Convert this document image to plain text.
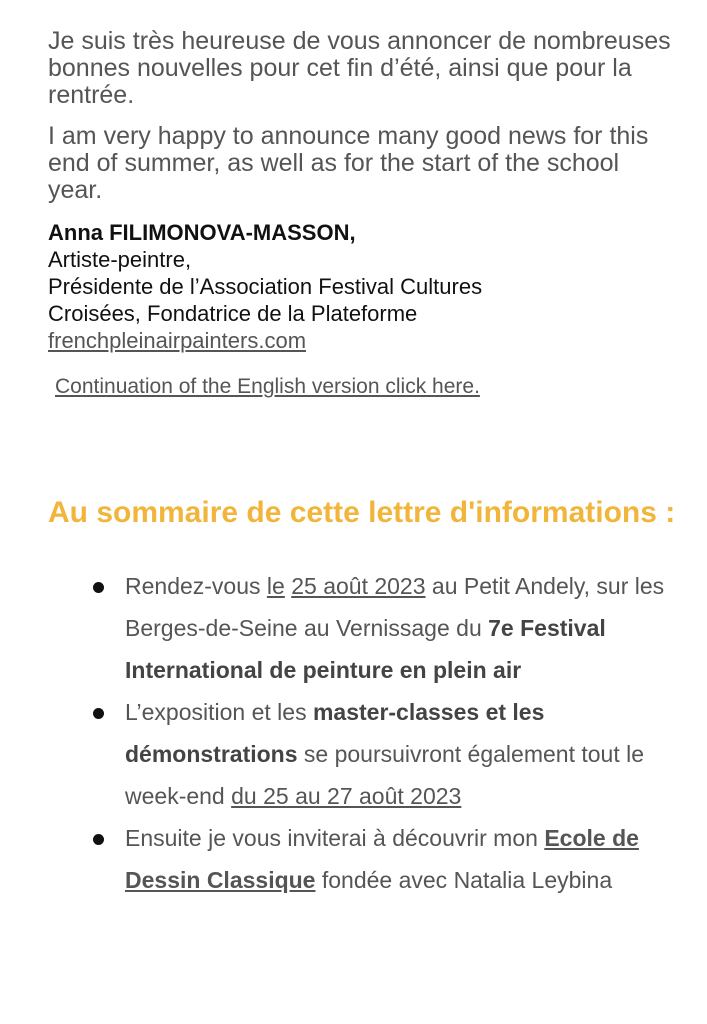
Je suis très heureuse de vous annoncer de nombreuses bonnes nouvelles pour cet fin d’été, ainsi que pour la rentrée.

I am very happy to announce many good news for this end of summer, as well as for the start of the school year.

Anna FILIMONOVA-MASSON,
Artiste-peintre,
Présidente de l’Association Festival Cultures
Croisées, Fondatrice de la Plateforme
frenchpleinairpainters.com
Continuation of the English version click here.
Au sommaire de cette lettre d'informations :
Rendez-vous le 25 août 2023 au Petit Andely, sur les Berges-de-Seine au Vernissage du 7e Festival International de peinture en plein air
L’exposition et les master-classes et les démonstrations se poursuivront également tout le week-end du 25 au 27 août 2023
Ensuite je vous inviterai à découvrir mon Ecole de Dessin Classique fondée avec Natalia Leybina
